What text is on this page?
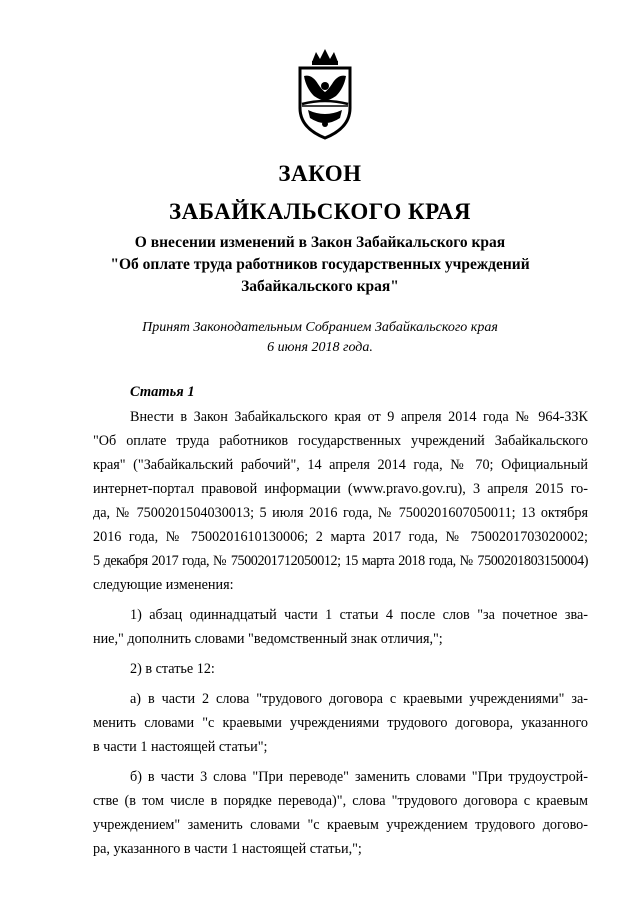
ЗАКОН
ЗАБАЙКАЛЬСКОГО КРАЯ
О внесении изменений в Закон Забайкальского края
"Об оплате труда работников государственных учреждений
Забайкальского края"
Принят Законодательным Собранием Забайкальского края
6 июня 2018 года.
Статья 1

Внести в Закон Забайкальского края от 9 апреля 2014 года № 964-ЗЗК
"Об оплате труда работников государственных учреждений Забайкальского
края" ("Забайкальский рабочий", 14 апреля 2014 года, № 70; Официальный
интернет-портал правовой информации (www.pravo.gov.ru), 3 апреля 2015 го-
да, № 7500201504030013; 5 июля 2016 года, № 7500201607050011; 13 октября
2016 года, № 7500201610130006; 2 марта 2017 года, № 7500201703020002;
5 декабря 2017 года, № 7500201712050012; 15 марта 2018 года, № 7500201803150004)
следующие изменения:

1) абзац одиннадцатый части 1 статьи 4 после слов "за почетное зва-
ние," дополнить словами "ведомственный знак отличия,";

2) в статье 12:

а) в части 2 слова "трудового договора с краевыми учреждениями" за-
менить словами "с краевыми учреждениями трудового договора, указанного
в части 1 настоящей статьи";

б) в части 3 слова "При переводе" заменить словами "При трудоустрой-
стве (в том числе в порядке перевода)", слова "трудового договора с краевым
учреждением" заменить словами "с краевым учреждением трудового догово-
ра, указанного в части 1 настоящей статьи,";
